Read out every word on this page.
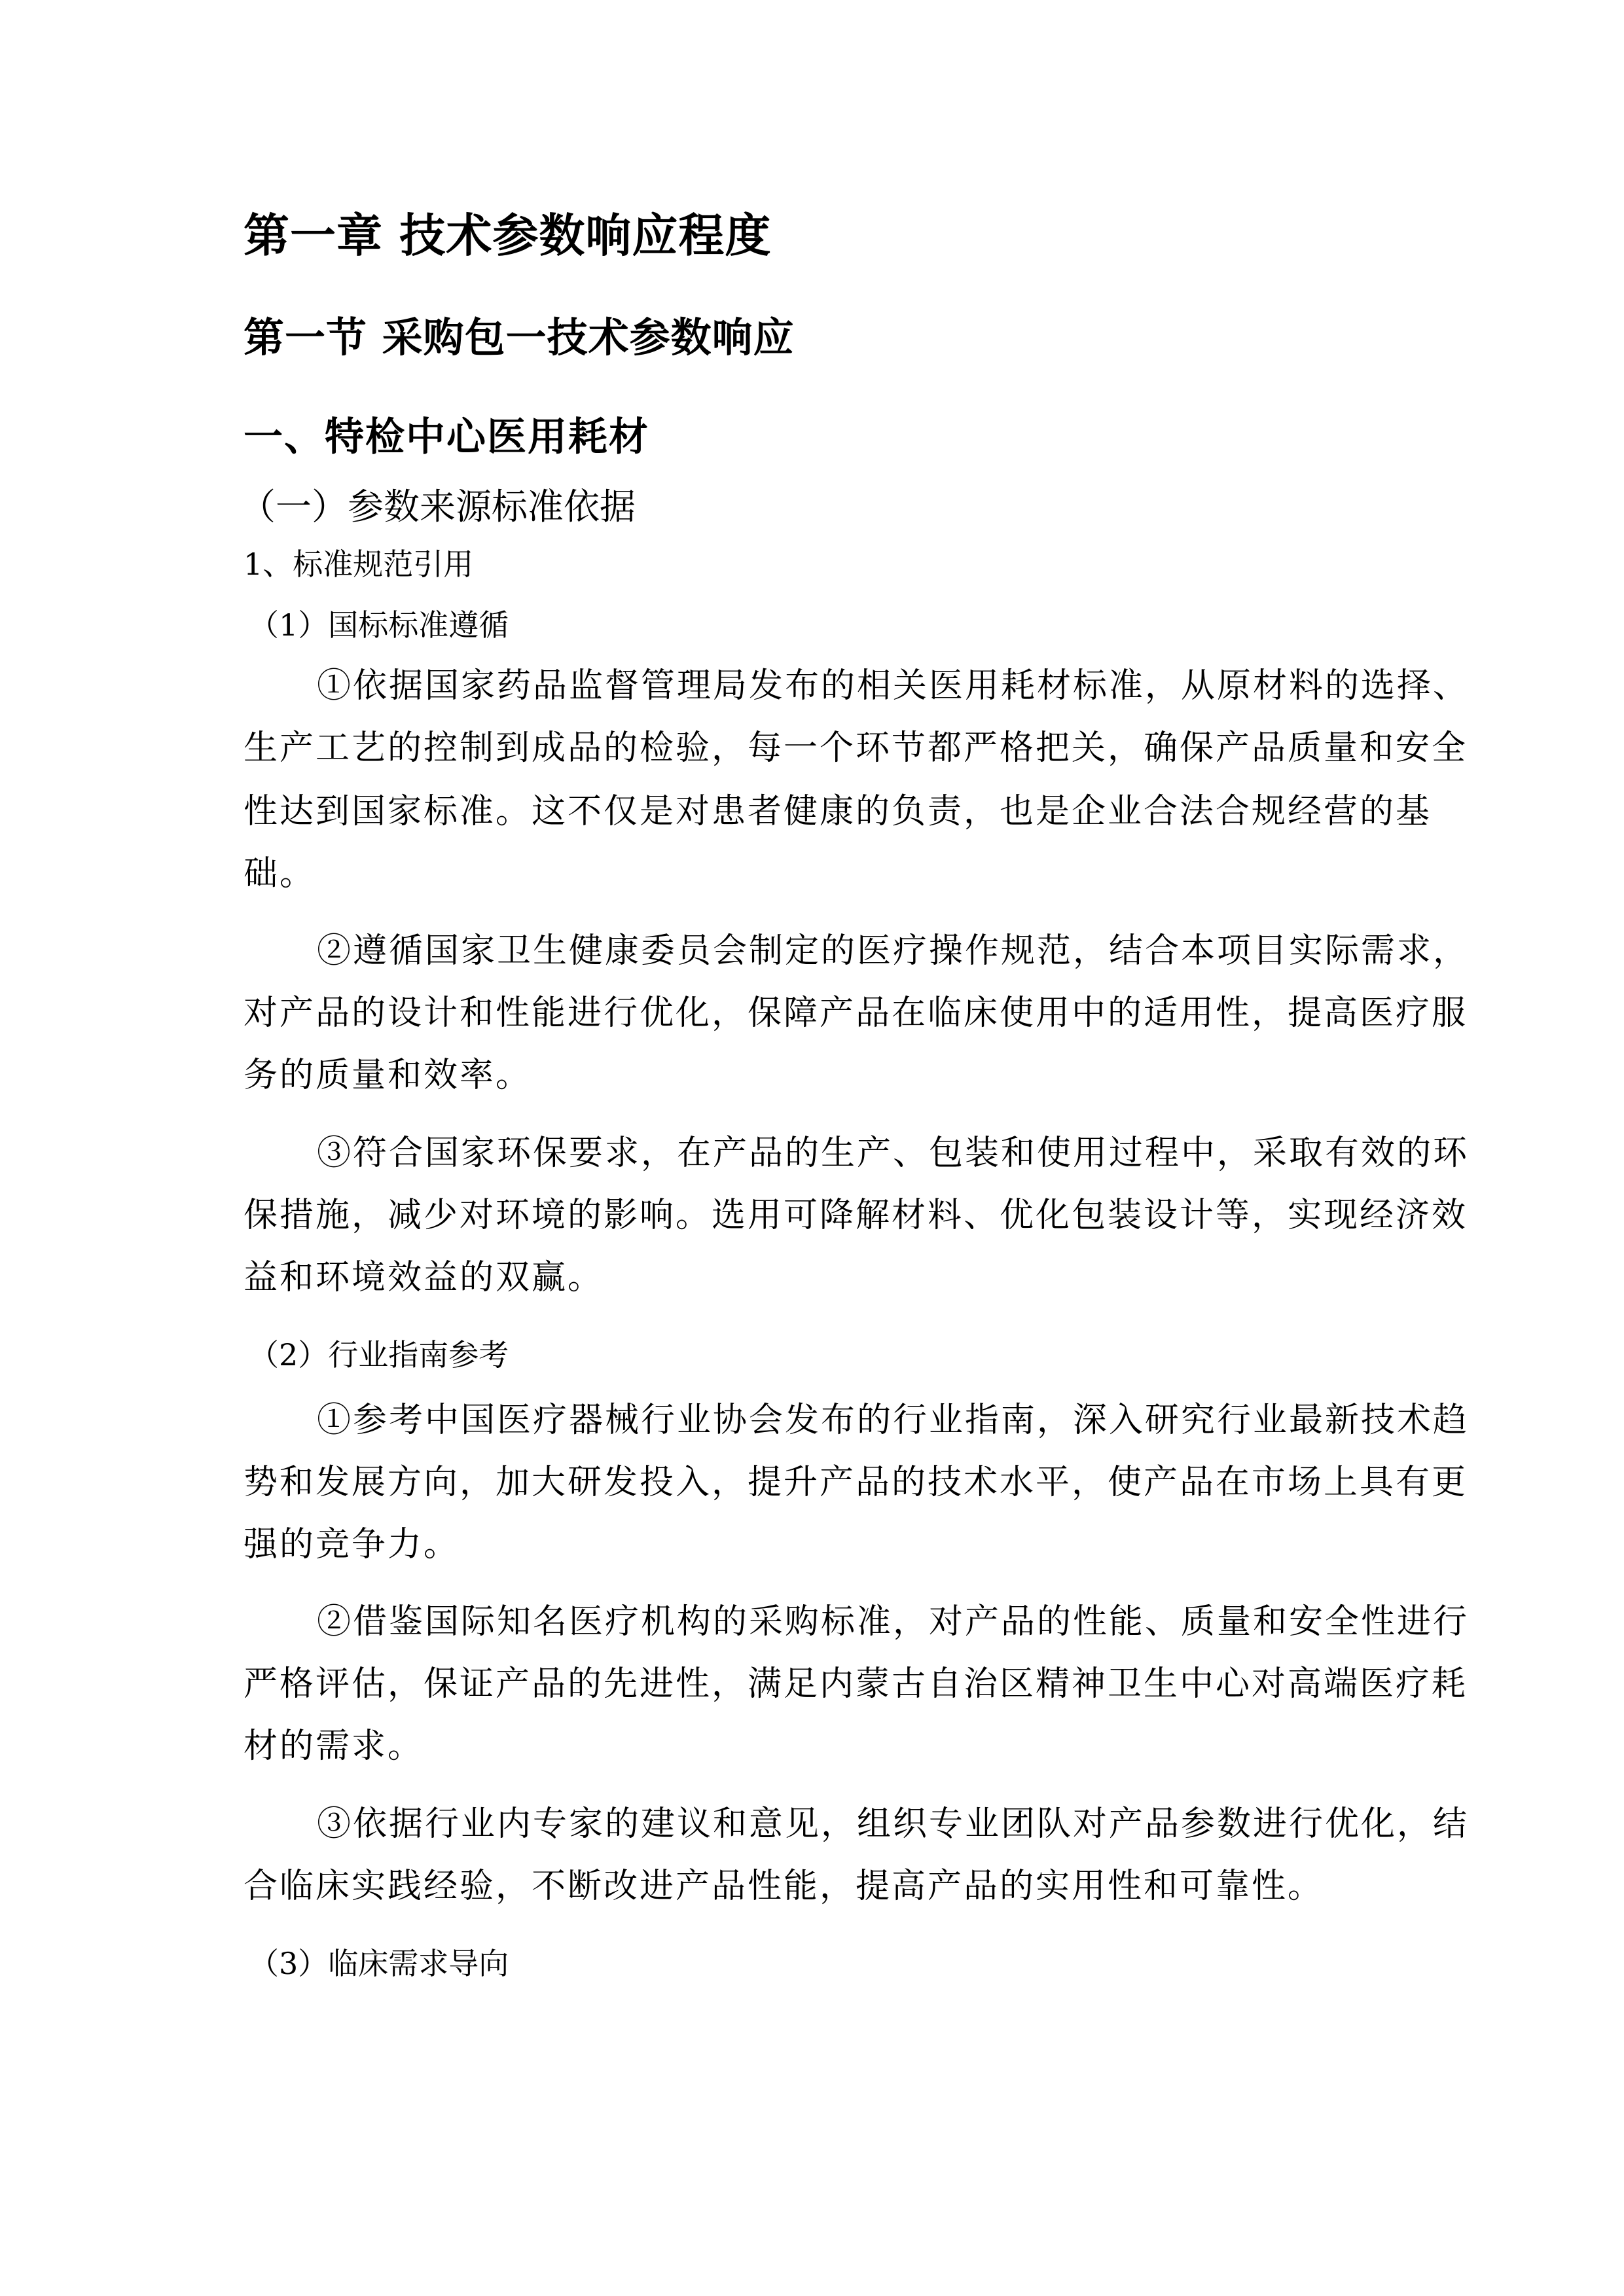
第一章 技术参数响应程度
第一节 采购包一技术参数响应
一、特检中心医用耗材
（一）参数来源标准依据
1、标准规范引用
（1）国标标准遵循
①依据国家药品监督管理局发布的相关医用耗材标准，从原材料的选择、
生产工艺的控制到成品的检验，每一个环节都严格把关，确保产品质量和安全
性达到国家标准。这不仅是对患者健康的负责，也是企业合法合规经营的基
础。
②遵循国家卫生健康委员会制定的医疗操作规范，结合本项目实际需求，
对产品的设计和性能进行优化，保障产品在临床使用中的适用性，提高医疗服
务的质量和效率。
③符合国家环保要求，在产品的生产、包装和使用过程中，采取有效的环
保措施，减少对环境的影响。选用可降解材料、优化包装设计等，实现经济效
益和环境效益的双赢。
（2）行业指南参考
①参考中国医疗器械行业协会发布的行业指南，深入研究行业最新技术趋
势和发展方向，加大研发投入，提升产品的技术水平，使产品在市场上具有更
强的竞争力。
②借鉴国际知名医疗机构的采购标准，对产品的性能、质量和安全性进行
严格评估，保证产品的先进性，满足内蒙古自治区精神卫生中心对高端医疗耗
材的需求。
③依据行业内专家的建议和意见，组织专业团队对产品参数进行优化，结
合临床实践经验，不断改进产品性能，提高产品的实用性和可靠性。
（3）临床需求导向
